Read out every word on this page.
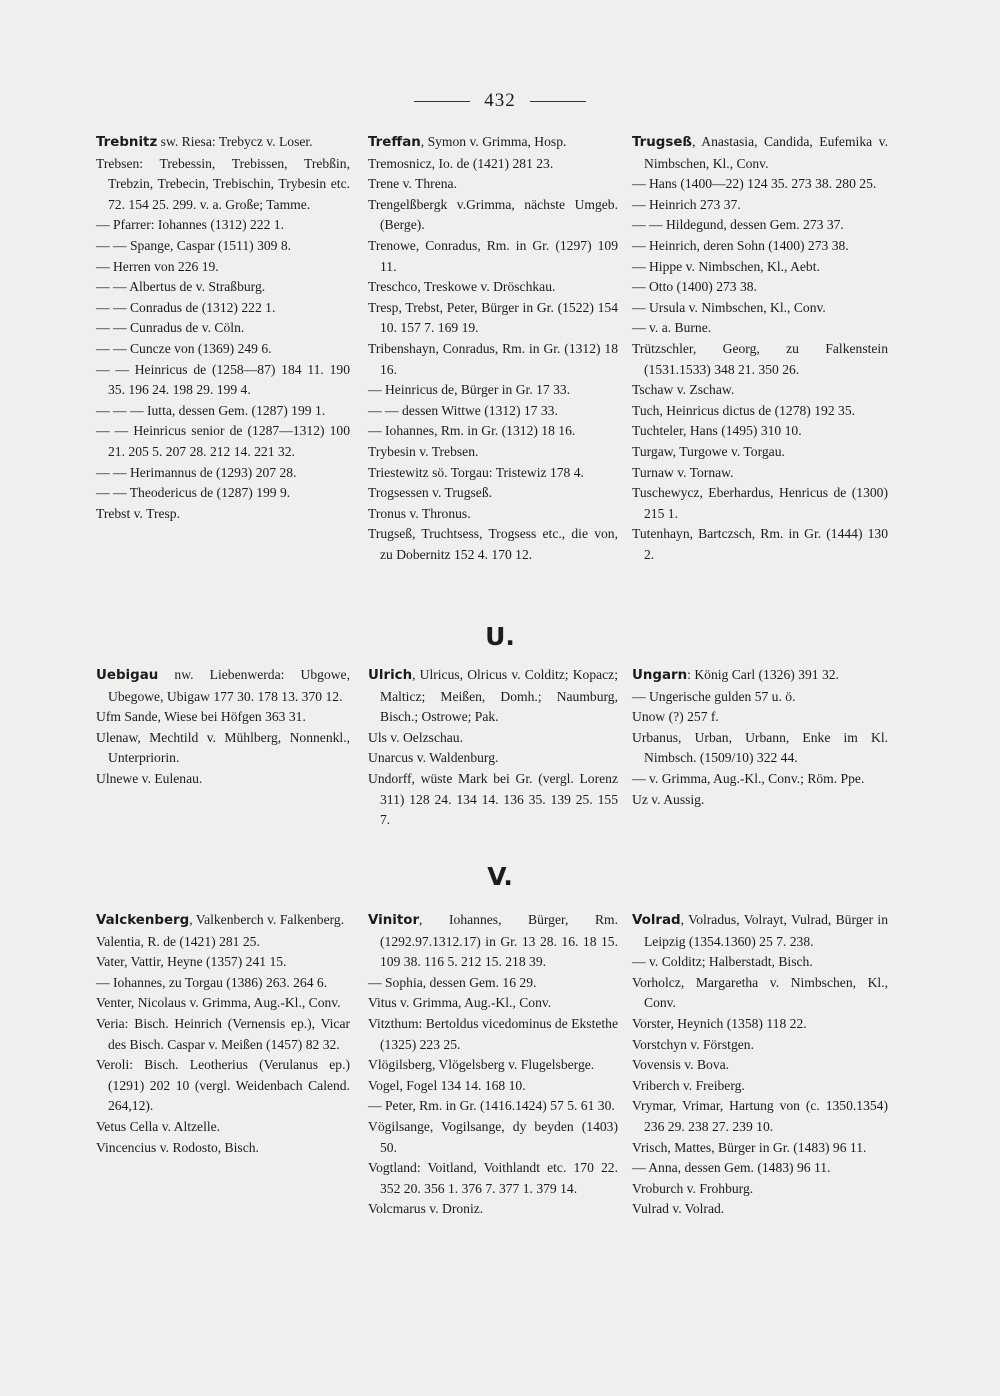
432

Trebnitz sw. Riesa: Trebycz v. Loser.

Trebsen: Trebessin, Trebissen, Trebßin, Trebzin, Trebecin, Trebischin, Trybesin etc. 72. 154 25. 299. v. a. Große; Tamme.

— Pfarrer: Iohannes (1312) 222 1.

— — Spange, Caspar (1511) 309 8.

— Herren von 226 19.

— — Albertus de v. Straßburg.

— — Conradus de (1312) 222 1.

— — Cunradus de v. Cöln.

— — Cuncze von (1369) 249 6.

— — Heinricus de (1258—87) 184 11. 190 35. 196 24. 198 29. 199 4.

— — — Iutta, dessen Gem. (1287) 199 1.

— — Heinricus senior de (1287—1312) 100 21. 205 5. 207 28. 212 14. 221 32.

— — Herimannus de (1293) 207 28.

— — Theodericus de (1287) 199 9.

Trebst v. Tresp.

Treffan, Symon v. Grimma, Hosp.

Tremosnicz, Io. de (1421) 281 23.

Trene v. Threna.

Trengelßbergk v.Grimma, nächste Umgeb. (Berge).

Trenowe, Conradus, Rm. in Gr. (1297) 109 11.

Treschco, Treskowe v. Dröschkau.

Tresp, Trebst, Peter, Bürger in Gr. (1522) 154 10. 157 7. 169 19.

Tribenshayn, Conradus, Rm. in Gr. (1312) 18 16.

— Heinricus de, Bürger in Gr. 17 33.

— — dessen Wittwe (1312) 17 33.

— Iohannes, Rm. in Gr. (1312) 18 16.

Trybesin v. Trebsen.

Triestewitz sö. Torgau: Tristewiz 178 4.

Trogsessen v. Trugseß.

Tronus v. Thronus.

Trugseß, Truchtsess, Trogsess etc., die von, zu Dobernitz 152 4. 170 12.

Trugseß, Anastasia, Candida, Eufemika v. Nimbschen, Kl., Conv.

— Hans (1400—22) 124 35. 273 38. 280 25.

— Heinrich 273 37.

— — Hildegund, dessen Gem. 273 37.

— Heinrich, deren Sohn (1400) 273 38.

— Hippe v. Nimbschen, Kl., Aebt.

— Otto (1400) 273 38.

— Ursula v. Nimbschen, Kl., Conv.

— v. a. Burne.

Trützschler, Georg, zu Falkenstein (1531.1533) 348 21. 350 26.

Tschaw v. Zschaw.

Tuch, Heinricus dictus de (1278) 192 35.

Tuchteler, Hans (1495) 310 10.

Turgaw, Turgowe v. Torgau.

Turnaw v. Tornaw.

Tuschewycz, Eberhardus, Henricus de (1300) 215 1.

Tutenhayn, Bartczsch, Rm. in Gr. (1444) 130 2.

U.

Uebigau nw. Liebenwerda: Ubgowe, Ubegowe, Ubigaw 177 30. 178 13. 370 12.

Ufm Sande, Wiese bei Höfgen 363 31.

Ulenaw, Mechtild v. Mühlberg, Nonnenkl., Unterpriorin.

Ulnewe v. Eulenau.

Ulrich, Ulricus, Olricus v. Colditz; Kopacz; Malticz; Meißen, Domh.; Naumburg, Bisch.; Ostrowe; Pak.

Uls v. Oelzschau.

Unarcus v. Waldenburg.

Undorff, wüste Mark bei Gr. (vergl. Lorenz 311) 128 24. 134 14. 136 35. 139 25. 155 7.

Ungarn: König Carl (1326) 391 32.

— Ungerische gulden 57 u. ö.

Unow (?) 257 f.

Urbanus, Urban, Urbann, Enke im Kl. Nimbsch. (1509/10) 322 44.

— v. Grimma, Aug.-Kl., Conv.; Röm. Ppe.

Uz v. Aussig.

V.

Valckenberg, Valkenberch v. Falkenberg.

Valentia, R. de (1421) 281 25.

Vater, Vattir, Heyne (1357) 241 15.

— Iohannes, zu Torgau (1386) 263. 264 6.

Venter, Nicolaus v. Grimma, Aug.-Kl., Conv.

Veria: Bisch. Heinrich (Vernensis ep.), Vicar des Bisch. Caspar v. Meißen (1457) 82 32.

Veroli: Bisch. Leotherius (Verulanus ep.) (1291) 202 10 (vergl. Weidenbach Calend. 264,12).

Vetus Cella v. Altzelle.

Vincencius v. Rodosto, Bisch.

Vinitor, Iohannes, Bürger, Rm. (1292.97.1312.17) in Gr. 13 28. 16. 18 15. 109 38. 116 5. 212 15. 218 39.

— Sophia, dessen Gem. 16 29.

Vitus v. Grimma, Aug.-Kl., Conv.

Vitzthum: Bertoldus vicedominus de Ekstethe (1325) 223 25.

Vlögilsberg, Vlögelsberg v. Flugelsberge.

Vogel, Fogel 134 14. 168 10.

— Peter, Rm. in Gr. (1416.1424) 57 5. 61 30.

Vögilsange, Vogilsange, dy beyden (1403) 50.

Vogtland: Voitland, Voithlandt etc. 170 22. 352 20. 356 1. 376 7. 377 1. 379 14.

Volcmarus v. Droniz.

Volrad, Volradus, Volrayt, Vulrad, Bürger in Leipzig (1354.1360) 25 7. 238.

— v. Colditz; Halberstadt, Bisch.

Vorholcz, Margaretha v. Nimbschen, Kl., Conv.

Vorster, Heynich (1358) 118 22.

Vorstchyn v. Förstgen.

Vovensis v. Bova.

Vriberch v. Freiberg.

Vrymar, Vrimar, Hartung von (c. 1350.1354) 236 29. 238 27. 239 10.

Vrisch, Mattes, Bürger in Gr. (1483) 96 11.

— Anna, dessen Gem. (1483) 96 11.

Vroburch v. Frohburg.

Vulrad v. Volrad.
